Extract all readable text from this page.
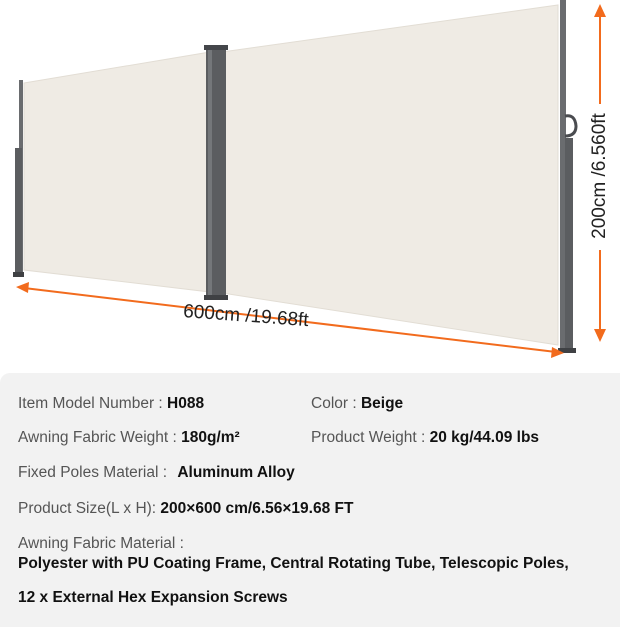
600cm /19.68ft
200cm /6.560ft
Item Model Number : H088	Color : Beige
Awning Fabric Weight : 180g/m²	Product Weight : 20 kg/44.09 lbs
Fixed Poles Material : Aluminum Alloy
Product Size(L x H): 200×600 cm/6.56×19.68 FT
Awning Fabric Material :
Polyester with PU Coating Frame, Central Rotating Tube, Telescopic Poles,
12 x External Hex Expansion Screws
